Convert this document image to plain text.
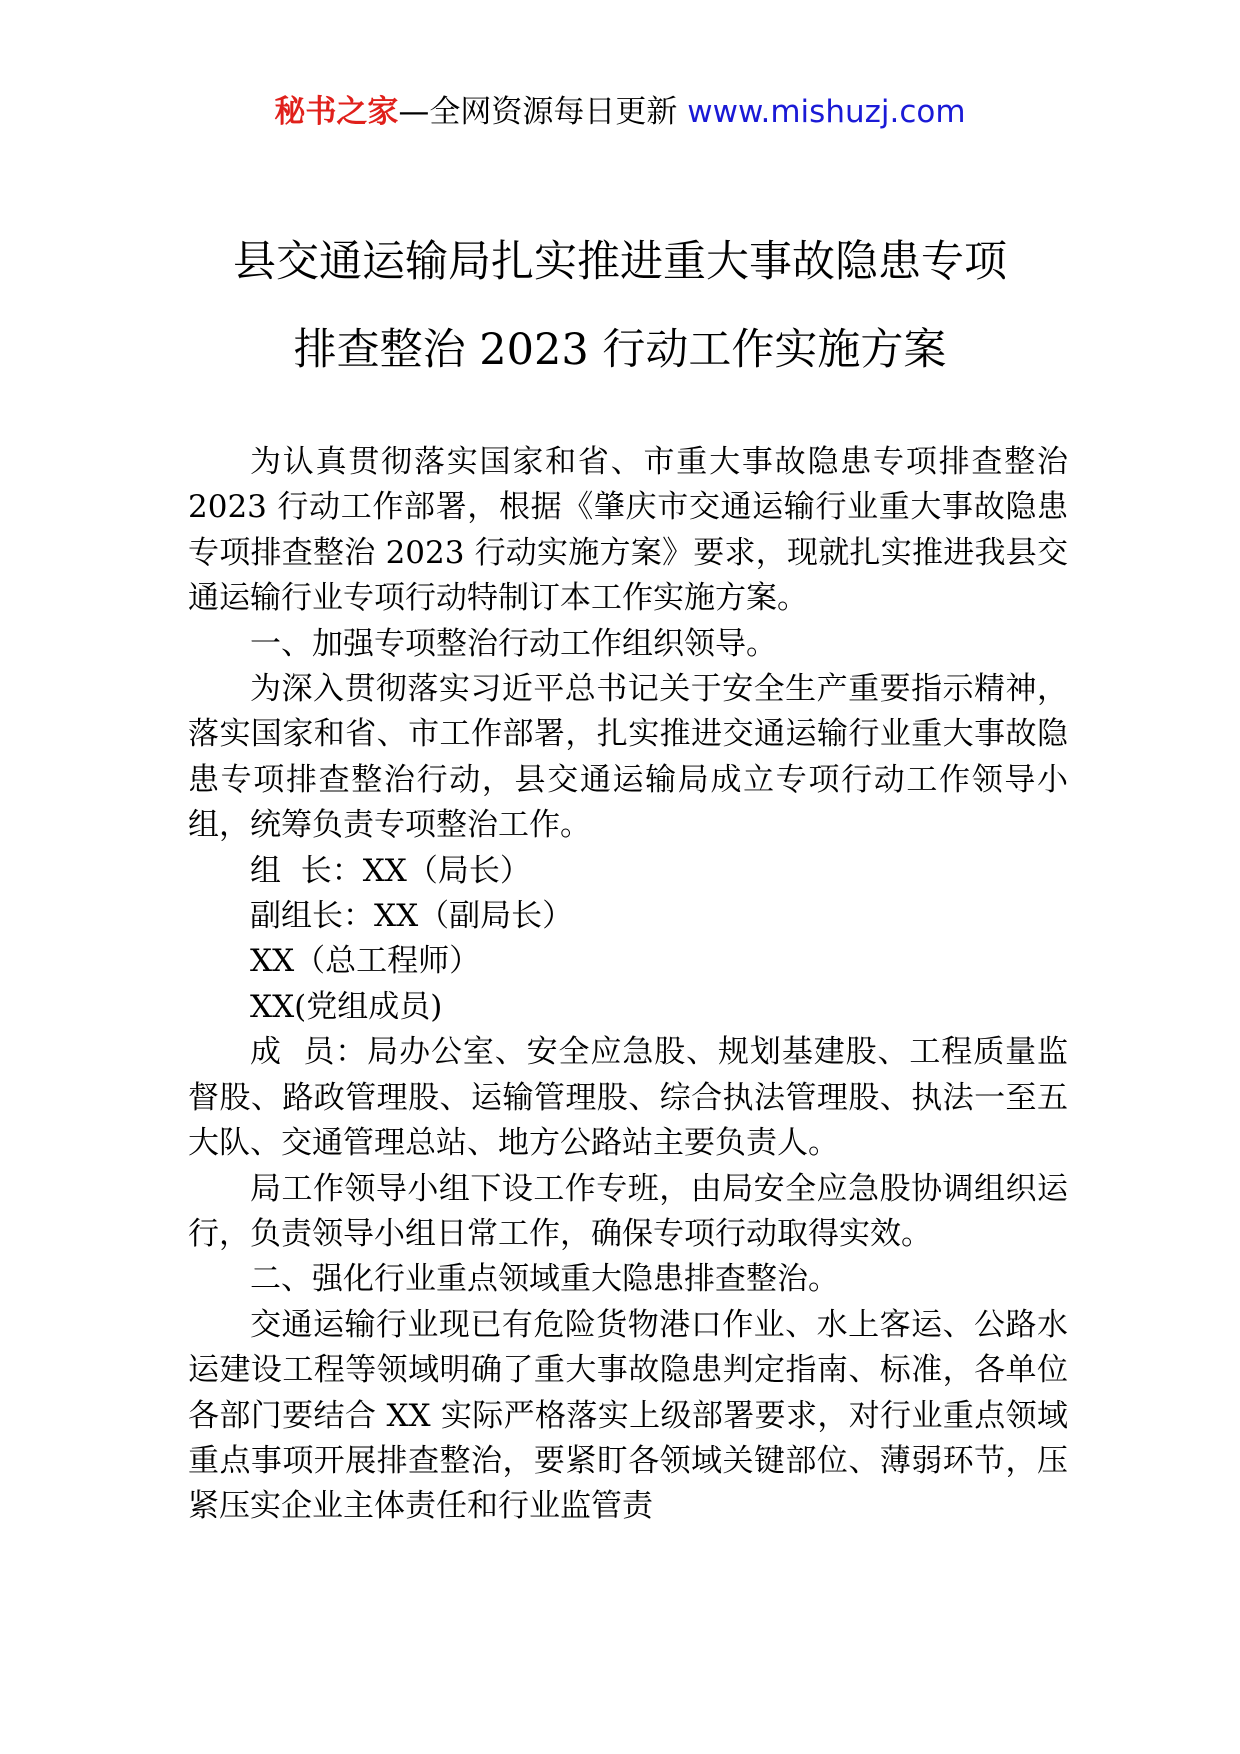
秘书之家—全网资源每日更新 www.mishuzj.com
县交通运输局扎实推进重大事故隐患专项
排查整治 2023 行动工作实施方案

为认真贯彻落实国家和省、市重大事故隐患专项排查整治 2023 行动工作部署，根据《肇庆市交通运输行业重大事故隐患专项排查整治 2023 行动实施方案》要求，现就扎实推进我县交通运输行业专项行动特制订本工作实施方案。

一、加强专项整治行动工作组织领导。

为深入贯彻落实习近平总书记关于安全生产重要指示精神，落实国家和省、市工作部署，扎实推进交通运输行业重大事故隐患专项排查整治行动，县交通运输局成立专项行动工作领导小组，统筹负责专项整治工作。

组  长：XX（局长）

副组长：XX（副局长）

XX（总工程师）

XX(党组成员)

成  员：局办公室、安全应急股、规划基建股、工程质量监督股、路政管理股、运输管理股、综合执法管理股、执法一至五大队、交通管理总站、地方公路站主要负责人。

局工作领导小组下设工作专班，由局安全应急股协调组织运行，负责领导小组日常工作，确保专项行动取得实效。

二、强化行业重点领域重大隐患排查整治。

交通运输行业现已有危险货物港口作业、水上客运、公路水运建设工程等领域明确了重大事故隐患判定指南、标准，各单位各部门要结合 XX 实际严格落实上级部署要求，对行业重点领域重点事项开展排查整治，要紧盯各领域关键部位、薄弱环节，压紧压实企业主体责任和行业监管责
